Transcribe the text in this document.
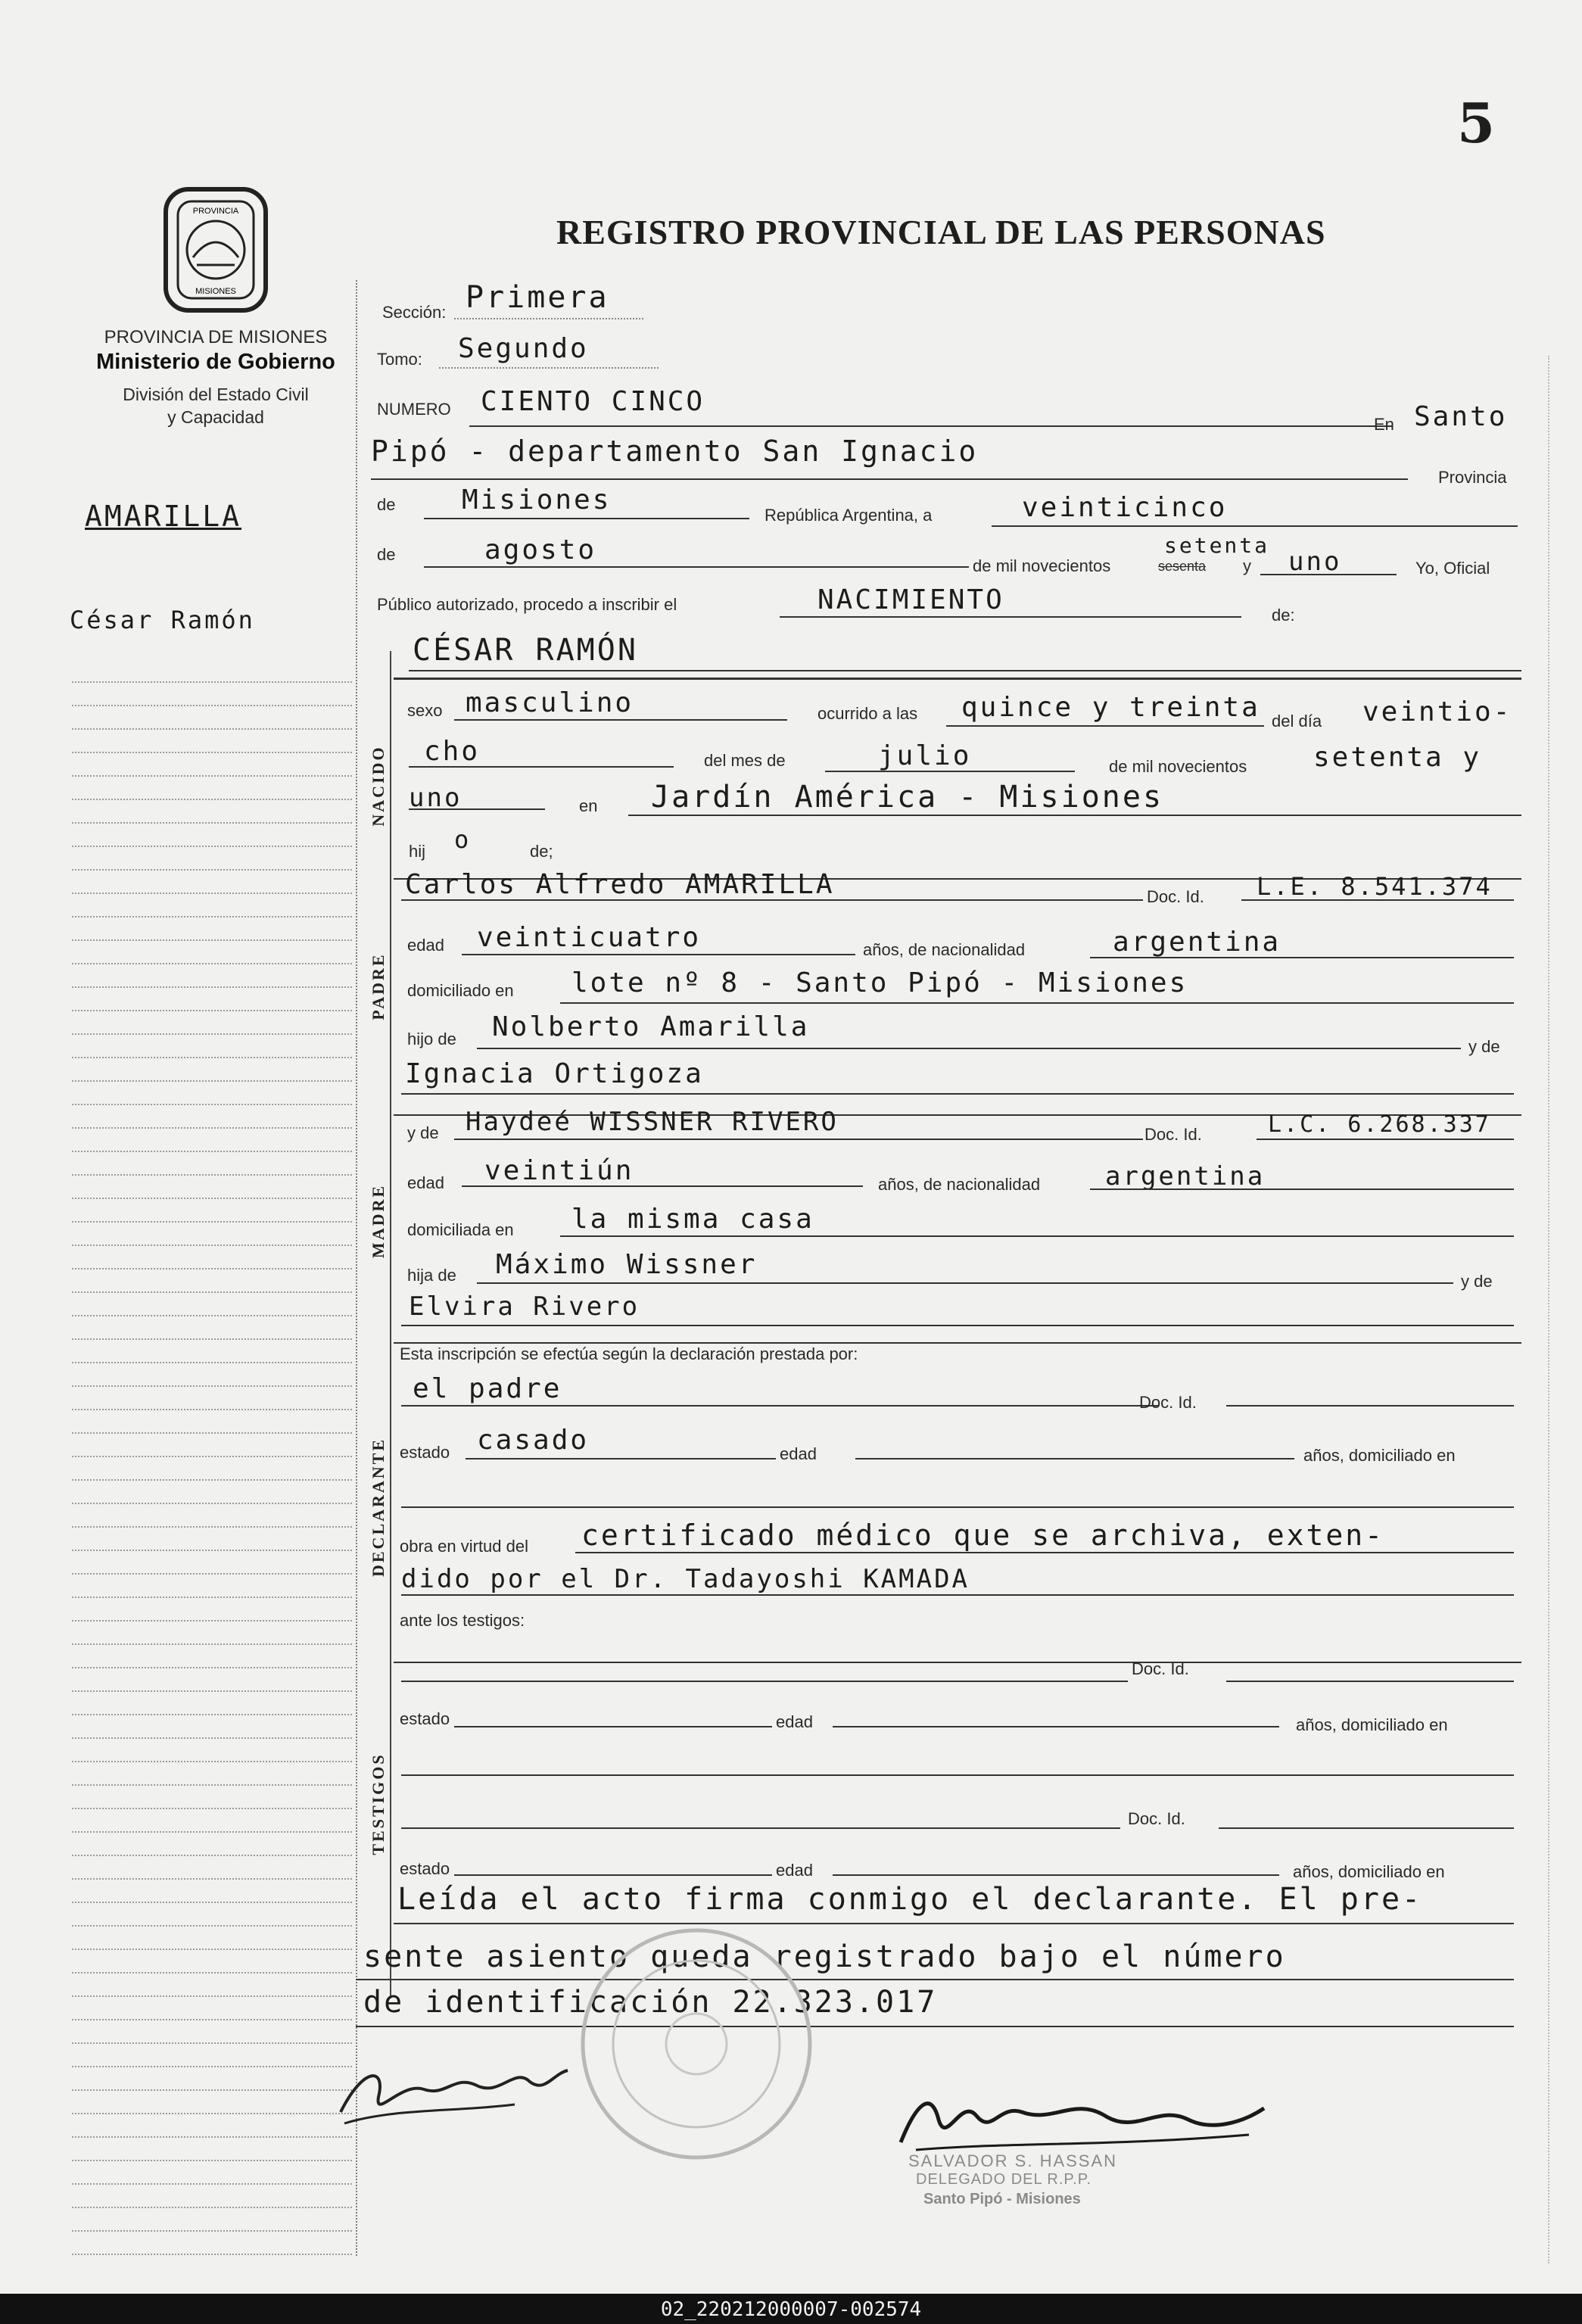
5
REGISTRO PROVINCIAL DE LAS PERSONAS
PROVINCIA
MISIONES
PROVINCIA DE MISIONES
Ministerio de Gobierno
División del Estado Civil
y Capacidad
AMARILLA
César Ramón
NACIDO
PADRE
MADRE
DECLARANTE
TESTIGOS
Sección: Primera
Tomo: Segundo
NUMERO CIENTO CINCO
En Santo
Pipó - departamento San Ignacio
Provincia
de Misiones	República Argentina, a	veinticinco
de	agosto
de mil novecientos	sesenta
setenta
y uno	Yo, Oficial
Público autorizado, procedo a inscribir el	NACIMIENTO	de:
CÉSAR RAMÓN
sexo masculino	ocurrido a las quince y treinta del día veintio-
cho	del mes de	julio	de mil novecientos setenta y
uno	en Jardín América - Misiones
hij o	de;
Carlos Alfredo AMARILLA	Doc. Id. L.E. 8.541.374
edad veinticuatro	años, de nacionalidad	argentina
domiciliado en lote nº 8 - Santo Pipó - Misiones
hijo de Nolberto Amarilla
y de
Ignacia Ortigoza
y de Haydeé WISSNER RIVERO	Doc. Id.	L.C. 6.268.337
edad veintiún	años, de nacionalidad	argentina
domiciliada en la misma casa
hija de Máximo Wissner
y de
Elvira Rivero
Esta inscripción se efectúa según la declaración prestada por:
el padre	Doc. Id.
estado casado	edad	años, domiciliado en
obra en virtud del certificado médico que se archiva, exten-
dido por el Dr. Tadayoshi KAMADA
ante los testigos:
Doc. Id.
estado	edad	años, domiciliado en
Doc. Id.
estado	edad	años, domiciliado en
Leída el acto firma conmigo el declarante. El pre-
sente asiento queda registrado bajo el número
de identificación 22.323.017
SALVADOR S. HASSAN
DELEGADO DEL R.P.P.
Santo Pipó - Misiones
02_220212000007-002574
